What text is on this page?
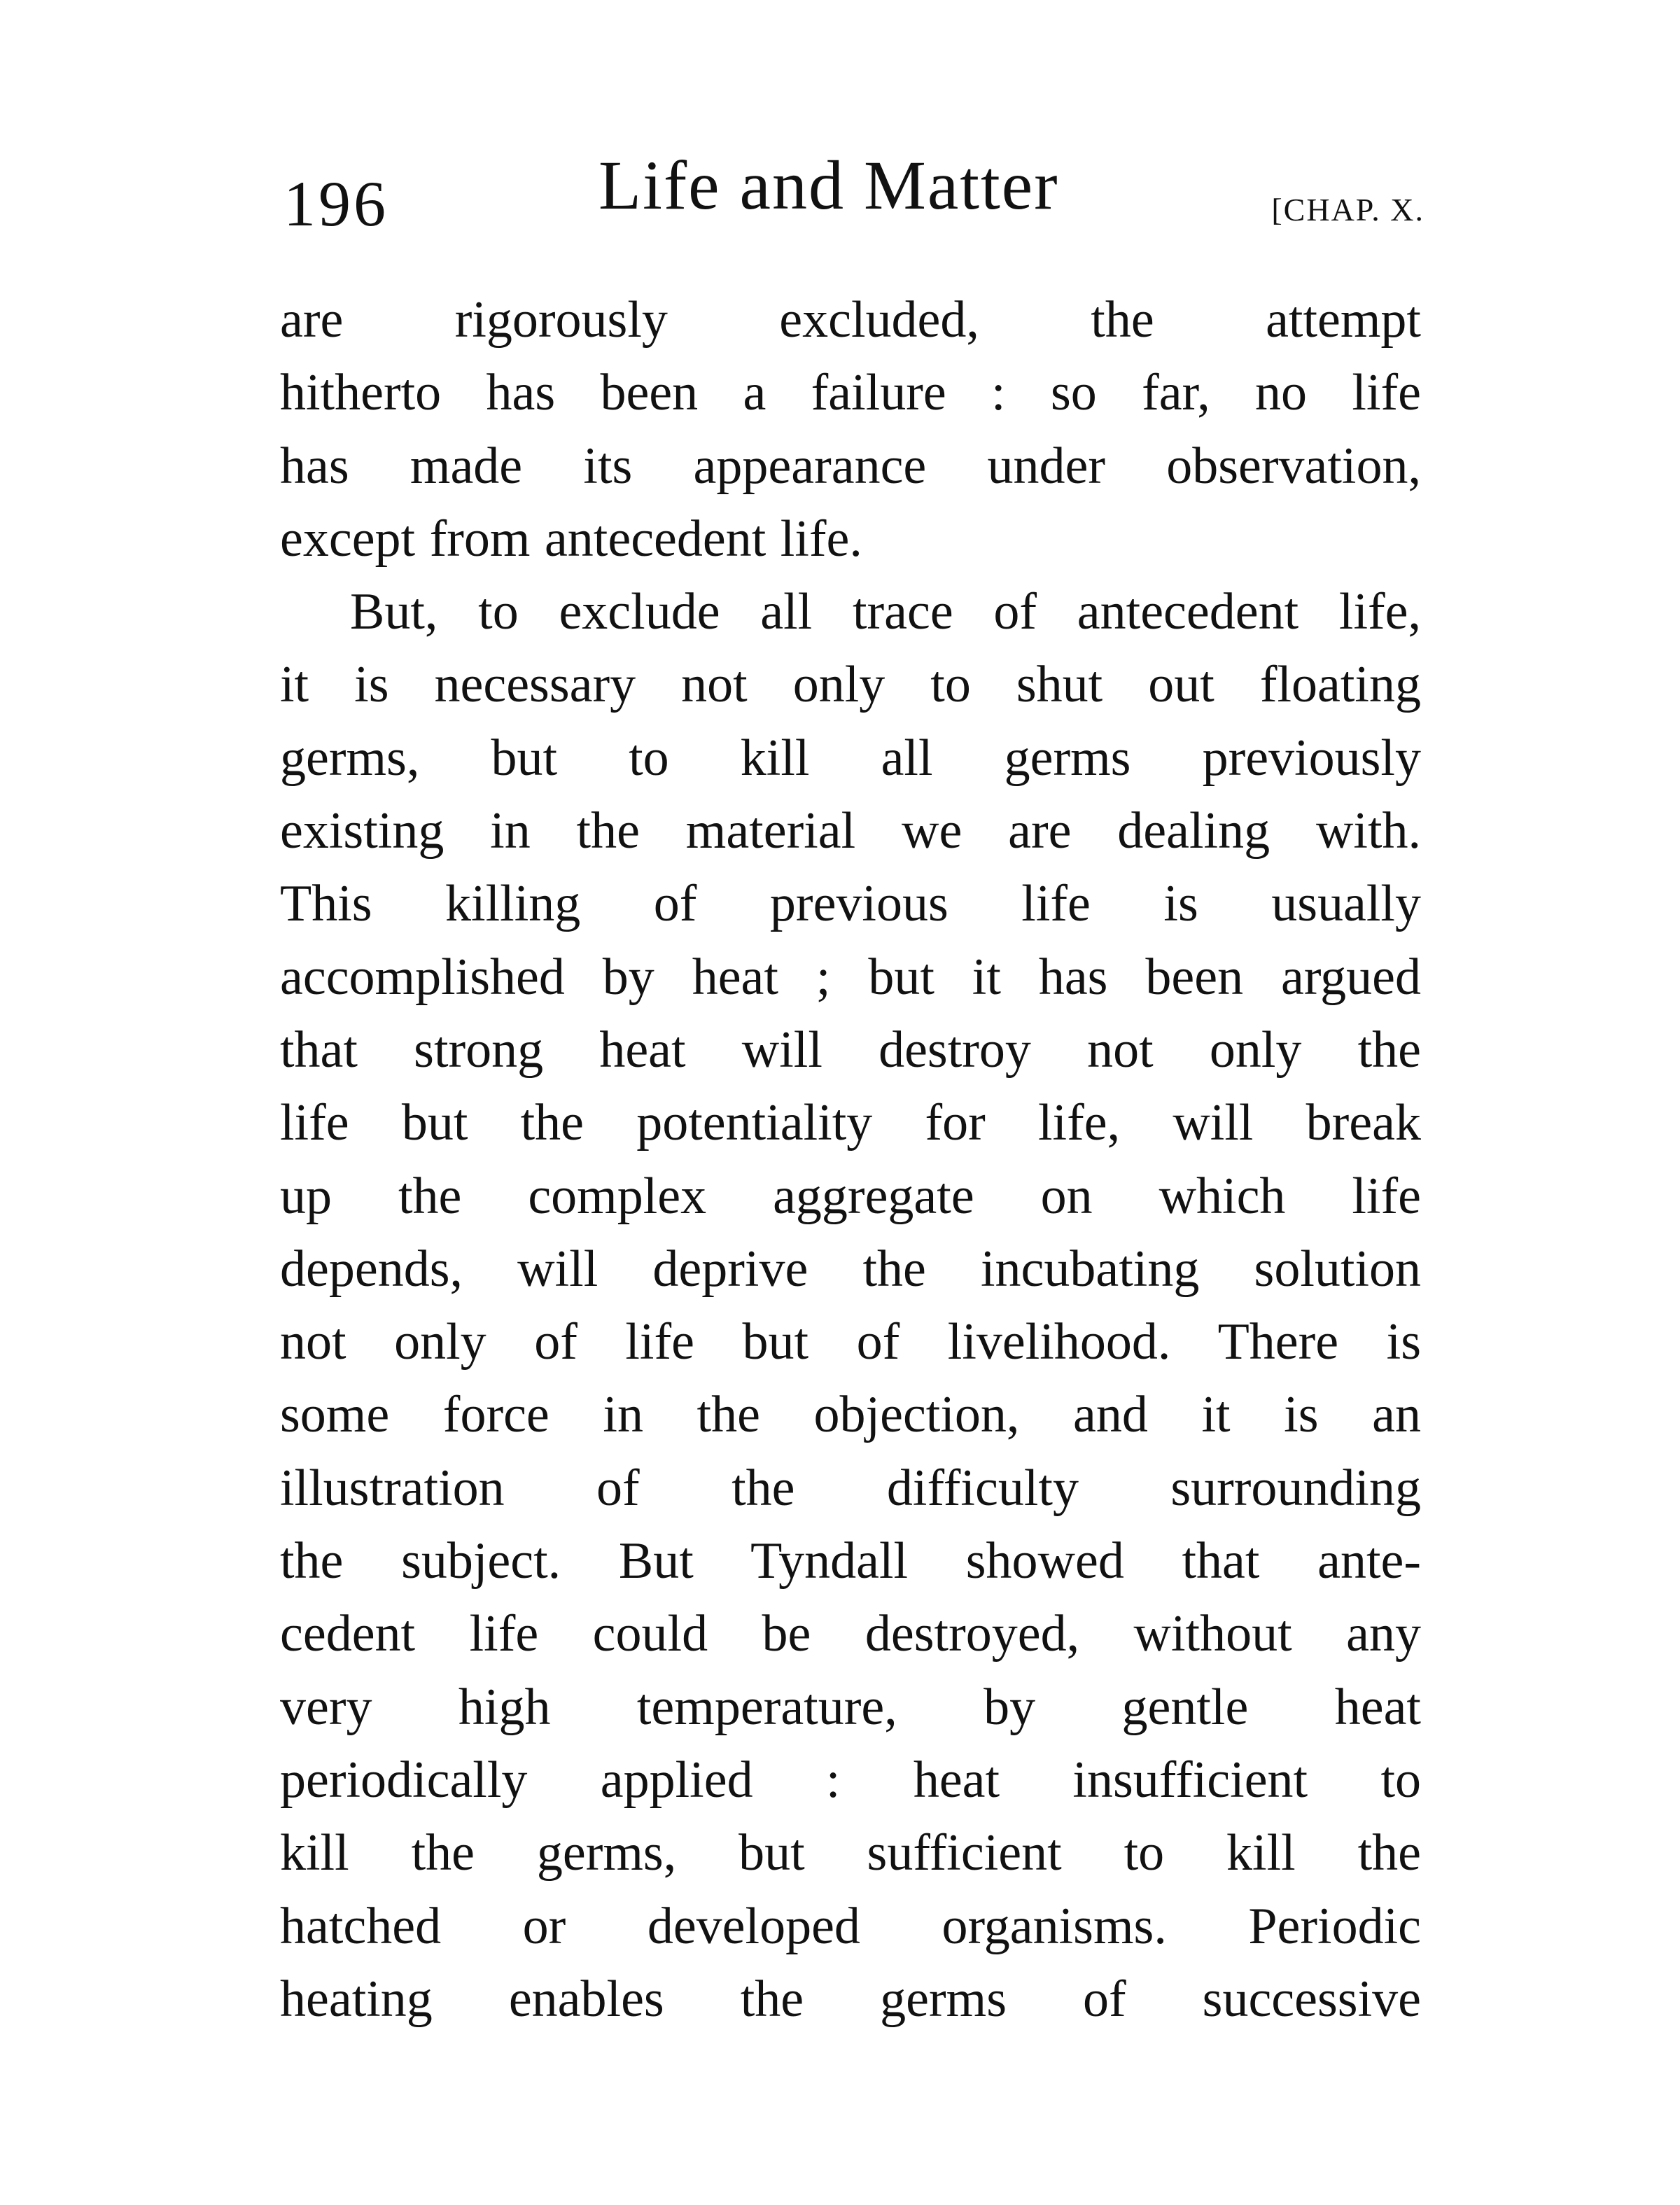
196	Life and Matter	[CHAP. X.
are rigorously excluded, the attempt
hitherto has been a failure : so far, no life
has made its appearance under observation,
except from antecedent life.
But, to exclude all trace of antecedent life,
it is necessary not only to shut out floating
germs, but to kill all germs previously
existing in the material we are dealing with.
This killing of previous life is usually
accomplished by heat ; but it has been argued
that strong heat will destroy not only the
life but the potentiality for life, will break
up the complex aggregate on which life
depends, will deprive the incubating solution
not only of life but of livelihood. There is
some force in the objection, and it is an
illustration of the difficulty surrounding
the subject. But Tyndall showed that ante-
cedent life could be destroyed, without any
very high temperature, by gentle heat
periodically applied : heat insufficient to
kill the germs, but sufficient to kill the
hatched or developed organisms. Periodic
heating enables the germs of successive
